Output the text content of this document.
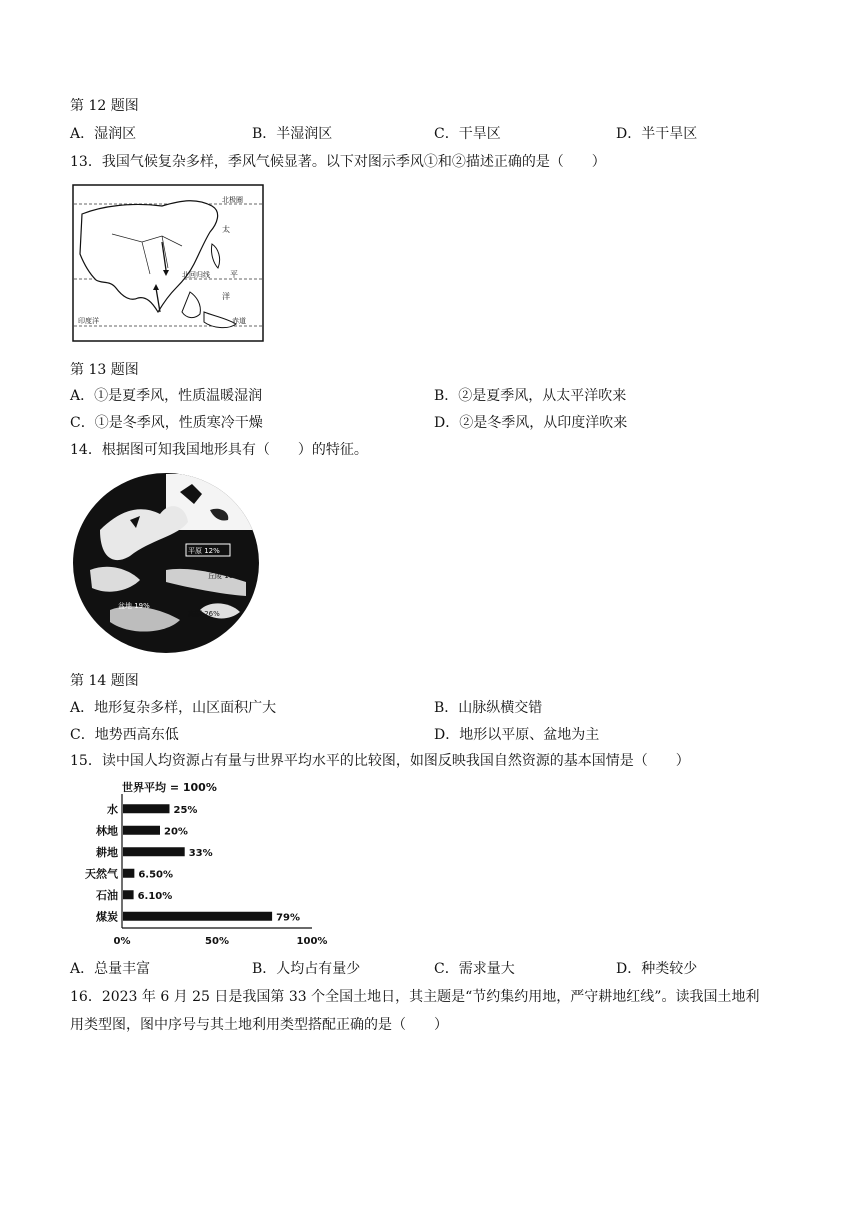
第 12 题图
A．湿润区	B．半湿润区	C．干旱区	D．半干旱区
13．我国气候复杂多样，季风气候显著。以下对图示季风①和②描述正确的是（　　）
北极圈
太
北回归线	平
洋
印度洋	赤道
第 13 题图
A．①是夏季风，性质温暖湿润	B．②是夏季风，从太平洋吹来
C．①是冬季风，性质寒冷干燥	D．②是冬季风，从印度洋吹来
14．根据图可知我国地形具有（　　）的特征。
平原 12%
丘陵 10%
盆地 19%
高原 26%
第 14 题图
A．地形复杂多样，山区面积广大	B．山脉纵横交错
C．地势西高东低	D．地形以平原、盆地为主
15．读中国人均资源占有量与世界平均水平的比较图，如图反映我国自然资源的基本国情是（　　）
世界平均 = 100%
水	25%
林地	20%
耕地	33%
天然气 6.50%
石油 6.10%
煤炭	79%
0%	50%	100%
A．总量丰富	B．人均占有量少	C．需求量大	D．种类较少
16．2023 年 6 月 25 日是我国第 33 个全国土地日，其主题是“节约集约用地，严守耕地红线”。读我国土地利
用类型图，图中序号与其土地利用类型搭配正确的是（　　）
